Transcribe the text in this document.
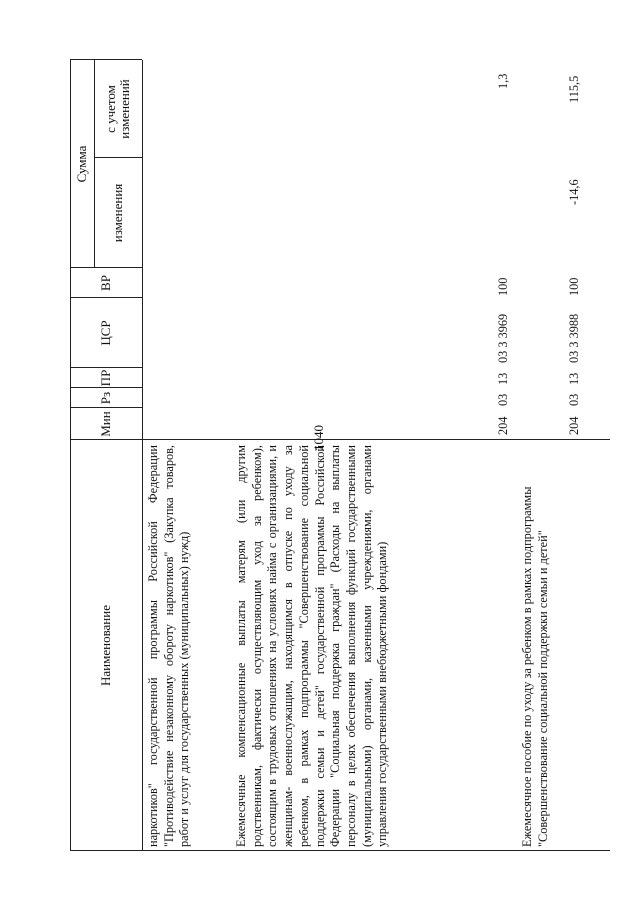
1040
Наименование
Мин
Рз
ПР
ЦСР
ВР
Сумма
изменения
с учетом изменений
наркотиков" государственной программы Российской Федерации "Противодействие незаконному обороту наркотиков" (Закупка товаров, работ и услуг для государственных (муниципальных) нужд)
Ежемесячные компенсационные выплаты матерям (или другим родственникам, фактически осуществляющим уход за ребенком), состоящим в трудовых отношениях на условиях найма с организациями, и женщинам- военнослужащим, находящимся в отпуске по уходу за ребенком, в рамках подпрограммы "Совершенствование социальной поддержки семьи и детей" государственной программы Российской Федерации "Социальная поддержка граждан" (Расходы на выплаты персоналу в целях обеспечения выполнения функций государственными (муниципальными) органами, казенными учреждениями, органами управления государственными внебюджетными фондами)
204
03
13
03 3 3969
100
1,3
Ежемесячное пособие по уходу за ребенком в рамках подпрограммы "Совершенствование социальной поддержки семьи и детей"
204
03
13
03 3 3988
100
-14,6
115,5
